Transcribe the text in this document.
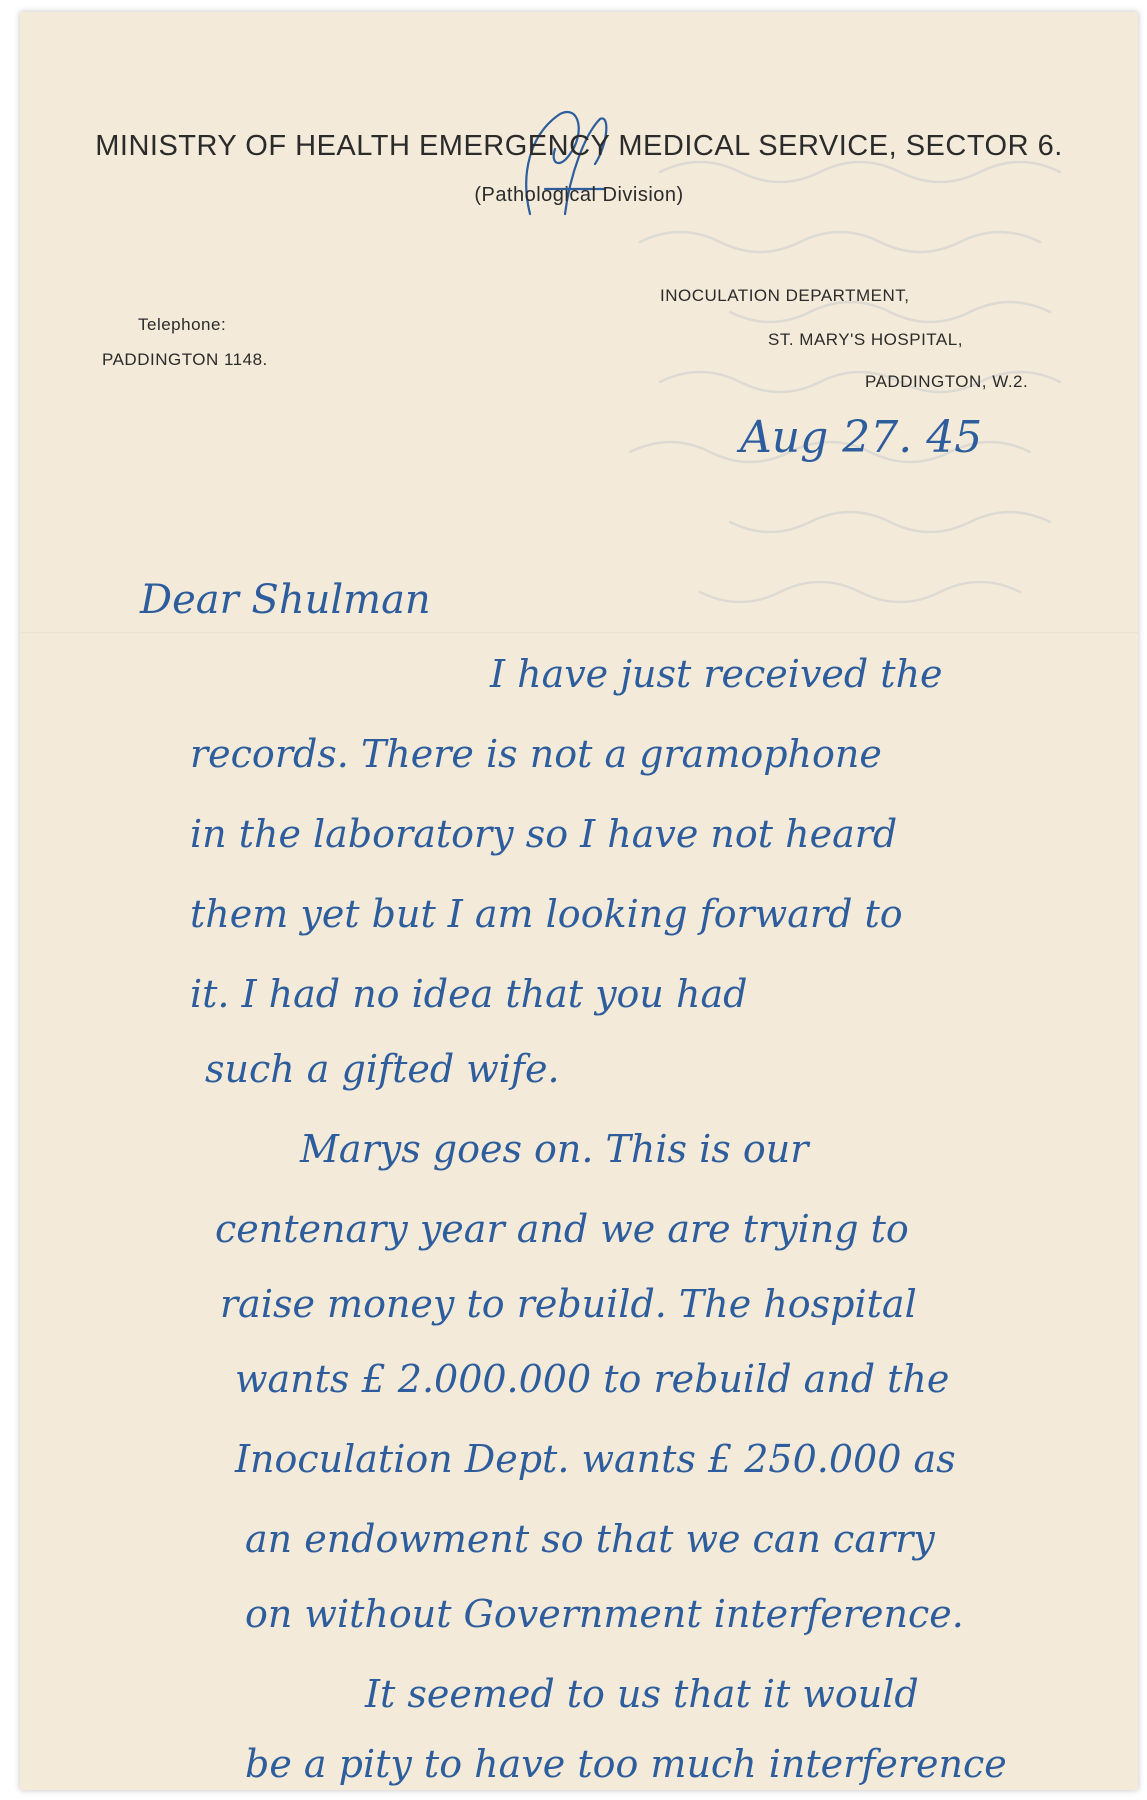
MINISTRY OF HEALTH EMERGENCY MEDICAL SERVICE, SECTOR 6.
(Pathological Division)
Telephone:
PADDINGTON 1148.
INOCULATION DEPARTMENT,
ST. MARY'S HOSPITAL,
PADDINGTON, W.2.
Aug 27. 45
Dear Shulman
I have just received the
records. There is not a gramophone
in the laboratory so I have not heard
them yet but I am looking forward to
it. I had no idea that you had
such a gifted wife.
Marys goes on. This is our
centenary year and we are trying to
raise money to rebuild. The hospital
wants £ 2.000.000 to rebuild and the
Inoculation Dept. wants £ 250.000 as
an endowment so that we can carry
on without Government interference.
It seemed to us that it would
be a pity to have too much interference
